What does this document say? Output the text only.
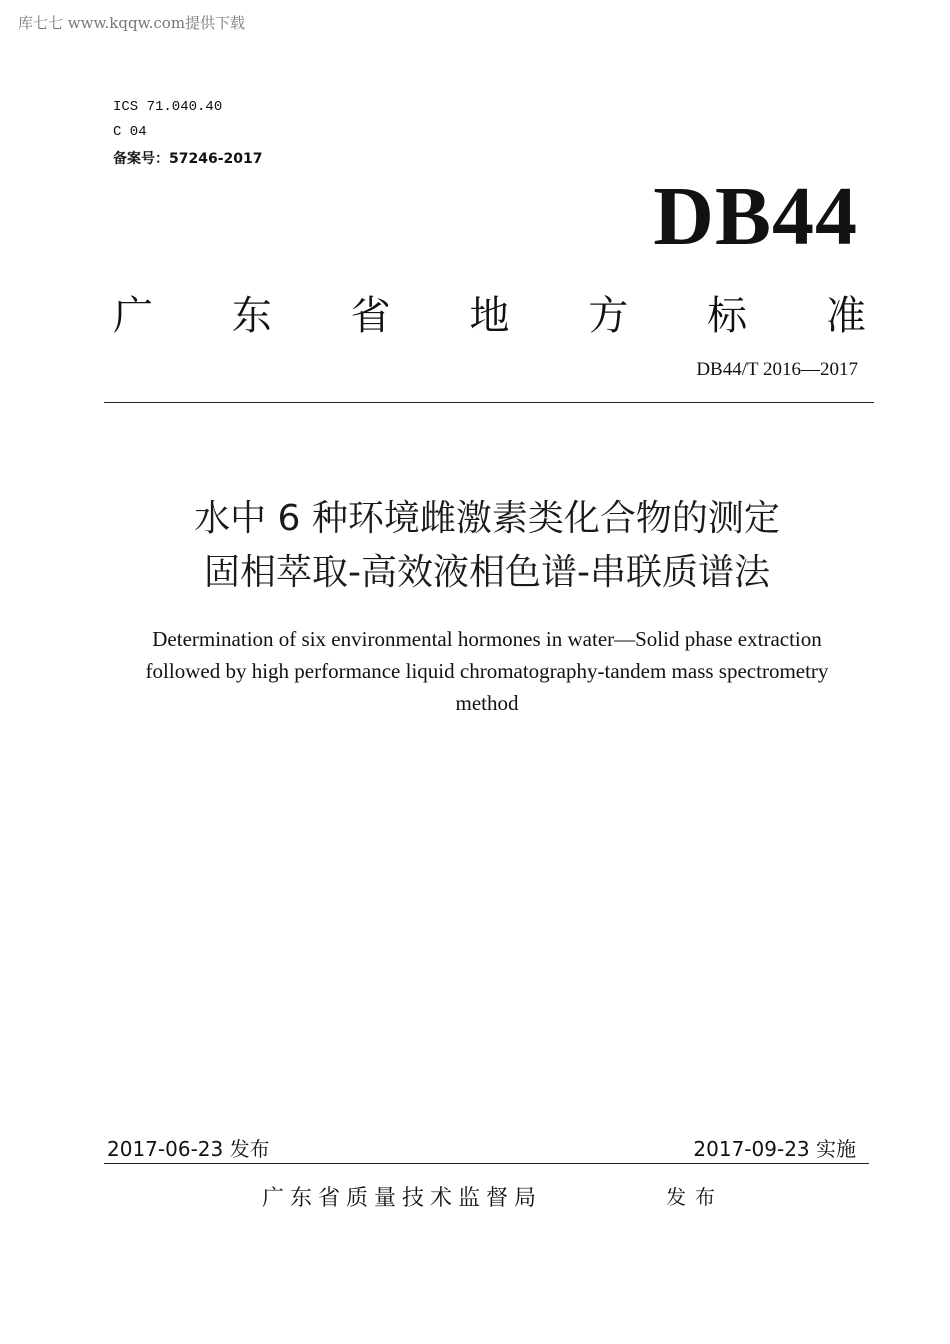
库七七 www.kqqw.com提供下载
ICS 71.040.40
C 04
备案号：57246-2017
DB44
广 东 省 地 方 标 准
DB44/T 2016—2017
水中 6 种环境雌激素类化合物的测定
固相萃取-高效液相色谱-串联质谱法
Determination of six environmental hormones in water—Solid phase extraction
followed by high performance liquid chromatography-tandem mass spectrometry
method
2017-06-23 发布	2017-09-23 实施
广东省质量技术监督局	发布
